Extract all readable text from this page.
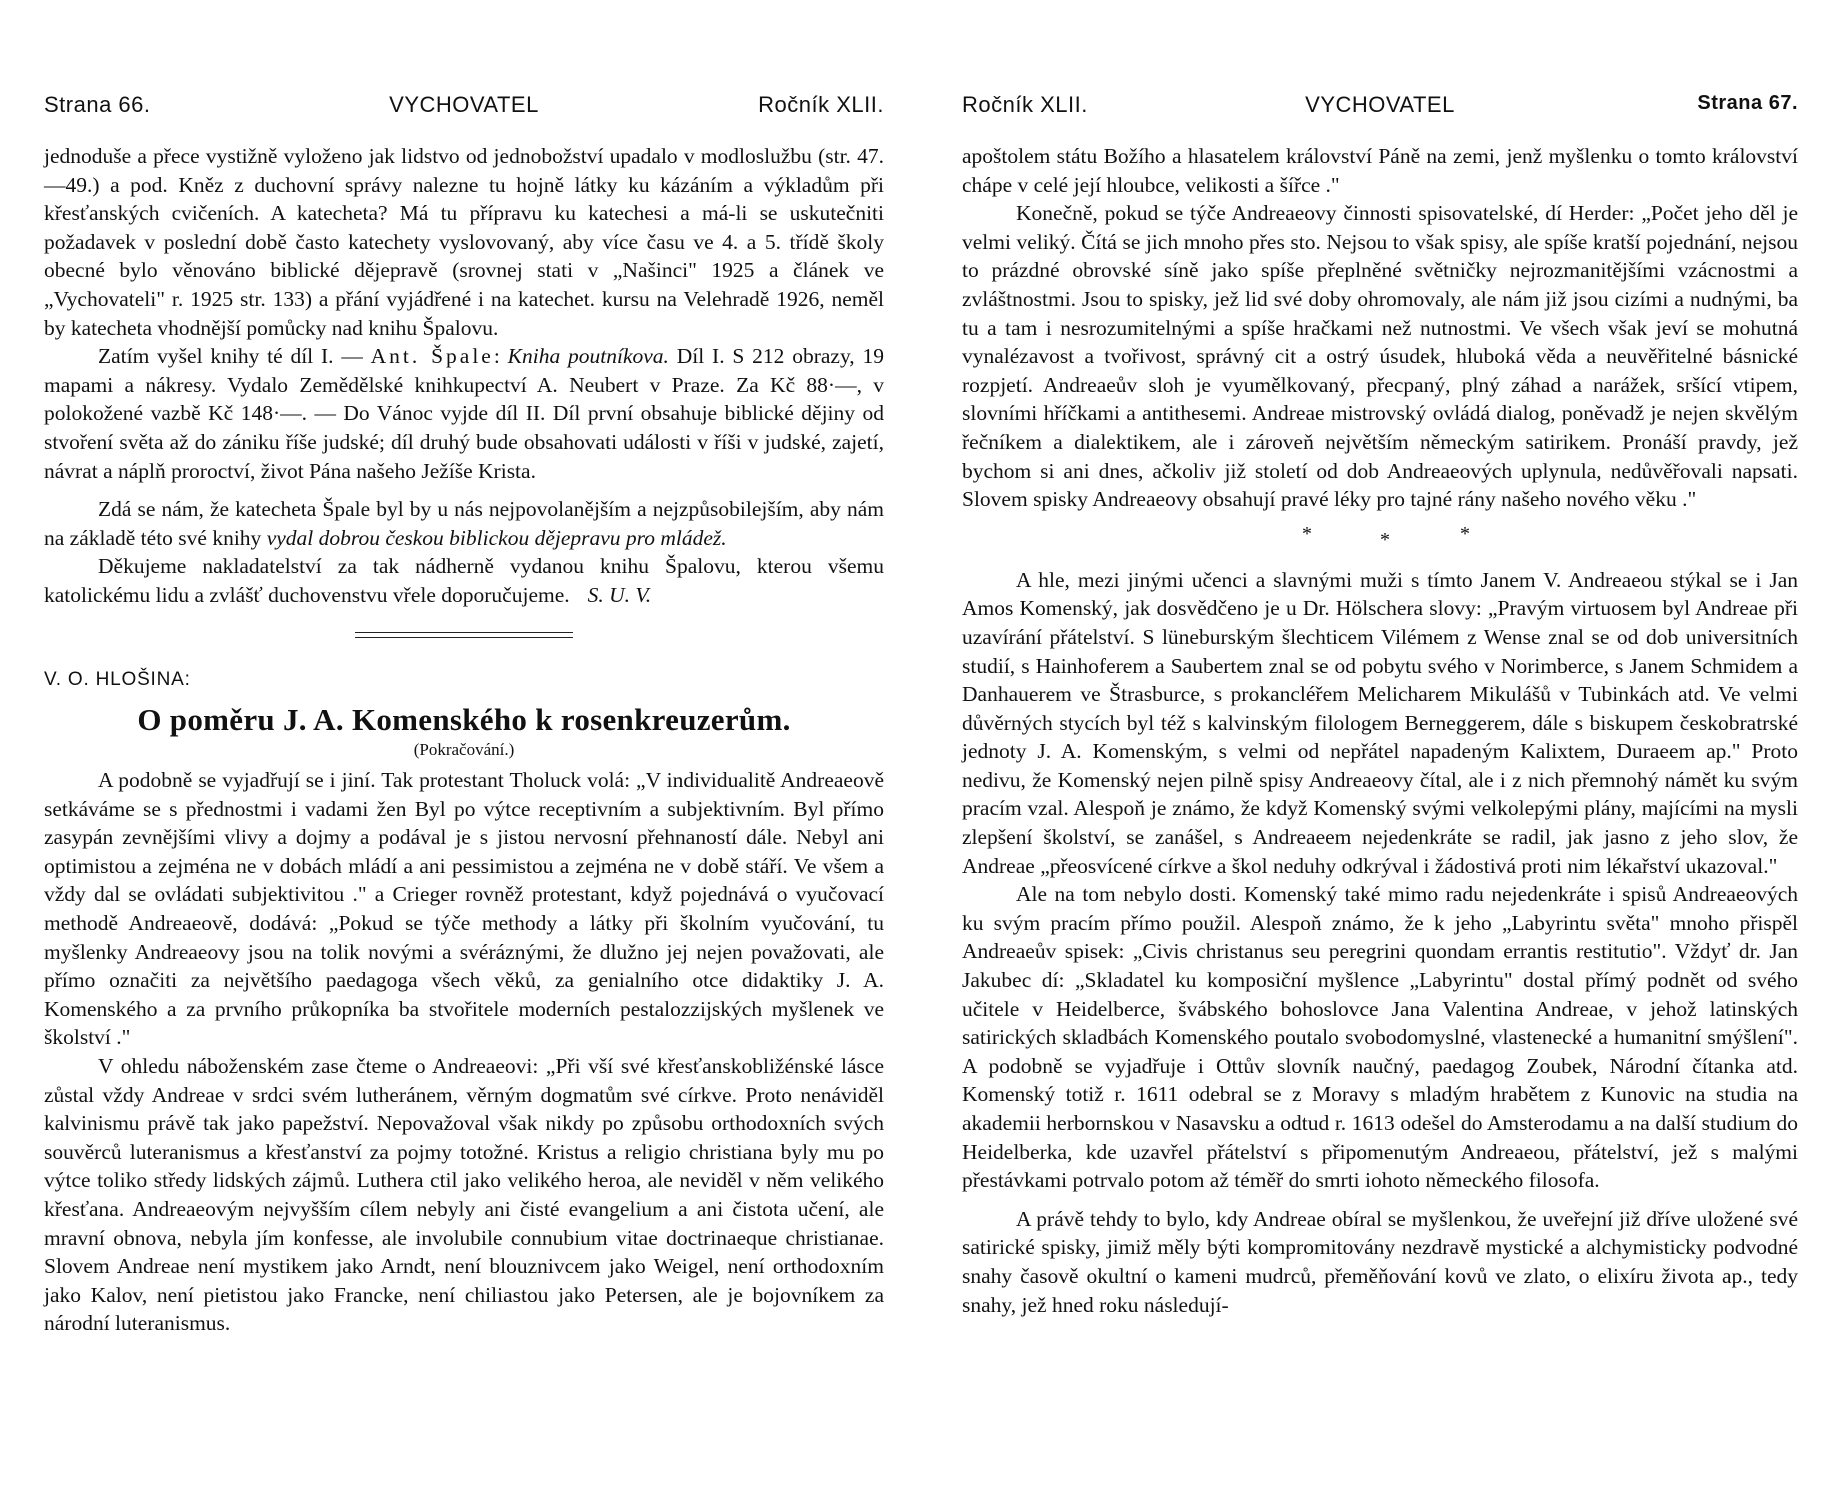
Strana 66.	VYCHOVATEL	Ročník XLII.

jednoduše a přece vystižně vyloženo jak lidstvo od jednobožství upadalo v modloslužbu (str. 47.—49.) a pod. Kněz z duchovní správy nalezne tu hojně látky ku kázáním a výkladům při křesťanských cvičeních. A katecheta? Má tu přípravu ku katechesi a má-li se uskutečniti požadavek v poslední době často katechety vyslovovaný, aby více času ve 4. a 5. třídě školy obecné bylo věnováno biblické dějepravě (srovnej stati v „Našinci" 1925 a článek ve „Vychovateli" r. 1925 str. 133) a přání vyjádřené i na katechet. kursu na Velehradě 1926, neměl by katecheta vhodnější pomůcky nad knihu Špalovu.

Zatím vyšel knihy té díl I. — Ant. Špale: Kniha poutníkova. Díl I. S 212 obrazy, 19 mapami a nákresy. Vydalo Zemědělské knihkupectví A. Neubert v Praze. Za Kč 88·—, v polokožené vazbě Kč 148·—. — Do Vánoc vyjde díl II. Díl první obsahuje biblické dějiny od stvoření světa až do zániku říše judské; díl druhý bude obsahovati události v říši v judské, zajetí, návrat a náplň proroctví, život Pána našeho Ježíše Krista.

Zdá se nám, že katecheta Špale byl by u nás nejpovolanějším a nejzpůsobilejším, aby nám na základě této své knihy vydal dobrou českou biblickou dějepravu pro mládež.

Děkujeme nakladatelství za tak nádherně vydanou knihu Špalovu, kterou všemu katolickému lidu a zvlášť duchovenstvu vřele doporučujeme. S. U. V.

V. O. HLOŠINA:

O poměru J. A. Komenského k rosenkreuzerům.

(Pokračování.)

A podobně se vyjadřují se i jiní. Tak protestant Tholuck volá: „V individualitě Andreaeově setkáváme se s přednostmi i vadami žen Byl po výtce receptivním a subjektivním. Byl přímo zasypán zevnějšími vlivy a dojmy a podával je s jistou nervosní přehnaností dále. Nebyl ani optimistou a zejména ne v dobách mládí a ani pessimistou a zejména ne v době stáří. Ve všem a vždy dal se ovládati subjektivitou ." a Crieger rovněž protestant, když pojednává o vyučovací methodě Andreaeově, dodává: „Pokud se týče methody a látky při školním vyučování, tu myšlenky Andreaeovy jsou na tolik novými a svéráznými, že dlužno jej nejen považovati, ale přímo označiti za největšího paedagoga všech věků, za genialního otce didaktiky J. A. Komenského a za prvního průkopníka ba stvořitele moderních pestalozzijských myšlenek ve školství ."

V ohledu náboženském zase čteme o Andreaeovi: „Při vší své křesťanskobližénské lásce zůstal vždy Andreae v srdci svém lutheránem, věrným dogmatům své církve. Proto nenáviděl kalvinismu právě tak jako papežství. Nepovažoval však nikdy po způsobu orthodoxních svých souvěrců luteranismus a křesťanství za pojmy totožné. Kristus a religio christiana byly mu po výtce toliko středy lidských zájmů. Luthera ctil jako velikého heroa, ale neviděl v něm velikého křesťana. Andreaeovým nejvyšším cílem nebyly ani čisté evangelium a ani čistota učení, ale mravní obnova, nebyla jím konfesse, ale involubile connubium vitae doctrinaeque christianae. Slovem Andreae není mystikem jako Arndt, není blouznivcem jako Weigel, není orthodoxním jako Kalov, není pietistou jako Francke, není chiliastou jako Petersen, ale je bojovníkem za národní luteranismus.

Ročník XLII.	VYCHOVATEL	Strana 67.

apoštolem státu Božího a hlasatelem království Páně na zemi, jenž myšlenku o tomto království chápe v celé její hloubce, velikosti a šířce ."

Konečně, pokud se týče Andreaeovy činnosti spisovatelské, dí Herder: „Počet jeho děl je velmi veliký. Čítá se jich mnoho přes sto. Nejsou to však spisy, ale spíše kratší pojednání, nejsou to prázdné obrovské síně jako spíše přeplněné světničky nejrozmanitějšími vzácnostmi a zvláštnostmi. Jsou to spisky, jež lid své doby ohromovaly, ale nám již jsou cizími a nudnými, ba tu a tam i nesrozumitelnými a spíše hračkami než nutnostmi. Ve všech však jeví se mohutná vynalézavost a tvořivost, správný cit a ostrý úsudek, hluboká věda a neuvěřitelné básnické rozpjetí. Andreaeův sloh je vyumělkovaný, přecpaný, plný záhad a narážek, sršící vtipem, slovními hříčkami a antithesemi. Andreae mistrovský ovládá dialog, poněvadž je nejen skvělým řečníkem a dialektikem, ale i zároveň největším německým satirikem. Pronáší pravdy, jež bychom si ani dnes, ačkoliv již století od dob Andreaeových uplynula, nedůvěřovali napsati. Slovem spisky Andreaeovy obsahují pravé léky pro tajné rány našeho nového věku ."

*	*	*

A hle, mezi jinými učenci a slavnými muži s tímto Janem V. Andreaeou stýkal se i Jan Amos Komenský, jak dosvědčeno je u Dr. Hölschera slovy: „Pravým virtuosem byl Andreae při uzavírání přátelství. S lüneburským šlechticem Vilémem z Wense znal se od dob universitních studií, s Hainhoferem a Saubertem znal se od pobytu svého v Norimberce, s Janem Schmidem a Danhauerem ve Štrasburce, s prokancléřem Melicharem Mikulášů v Tubinkách atd. Ve velmi důvěrných stycích byl též s kalvinským filologem Berneggerem, dále s biskupem českobratrské jednoty J. A. Komenským, s velmi od nepřátel napadeným Kalixtem, Duraeem ap." Proto nedivu, že Komenský nejen pilně spisy Andreaeovy čítal, ale i z nich přemnohý námět ku svým pracím vzal. Alespoň je známo, že když Komenský svými velkolepými plány, majícími na mysli zlepšení školství, se zanášel, s Andreaeem nejedenkráte se radil, jak jasno z jeho slov, že Andreae „přeosvícené církve a škol neduhy odkrýval i žádostivá proti nim lékařství ukazoval."

Ale na tom nebylo dosti. Komenský také mimo radu nejedenkráte i spisů Andreaeových ku svým pracím přímo použil. Alespoň známo, že k jeho „Labyrintu světa" mnoho přispěl Andreaeův spisek: „Civis christanus seu peregrini quondam errantis restitutio". Vždyť dr. Jan Jakubec dí: „Skladatel ku komposiční myšlence „Labyrintu" dostal přímý podnět od svého učitele v Heidelberce, švábského bohoslovce Jana Valentina Andreae, v jehož latinských satirických skladbách Komenského poutalo svobodomyslné, vlastenecké a humanitní smýšlení". A podobně se vyjadřuje i Ottův slovník naučný, paedagog Zoubek, Národní čítanka atd. Komenský totiž r. 1611 odebral se z Moravy s mladým hrabětem z Kunovic na studia na akademii herbornskou v Nasavsku a odtud r. 1613 odešel do Amsterodamu a na další studium do Heidelberka, kde uzavřel přátelství s připomenutým Andreaeou, přátelství, jež s malými přestávkami potrvalo potom až téměř do smrti iohoto německého filosofa.

A právě tehdy to bylo, kdy Andreae obíral se myšlenkou, že uveřejní již dříve uložené své satirické spisky, jimiž měly býti kompromitovány nezdravě mystické a alchymisticky podvodné snahy časově okultní o kameni mudrců, přeměňování kovů ve zlato, o elixíru života ap., tedy snahy, jež hned roku následují-
